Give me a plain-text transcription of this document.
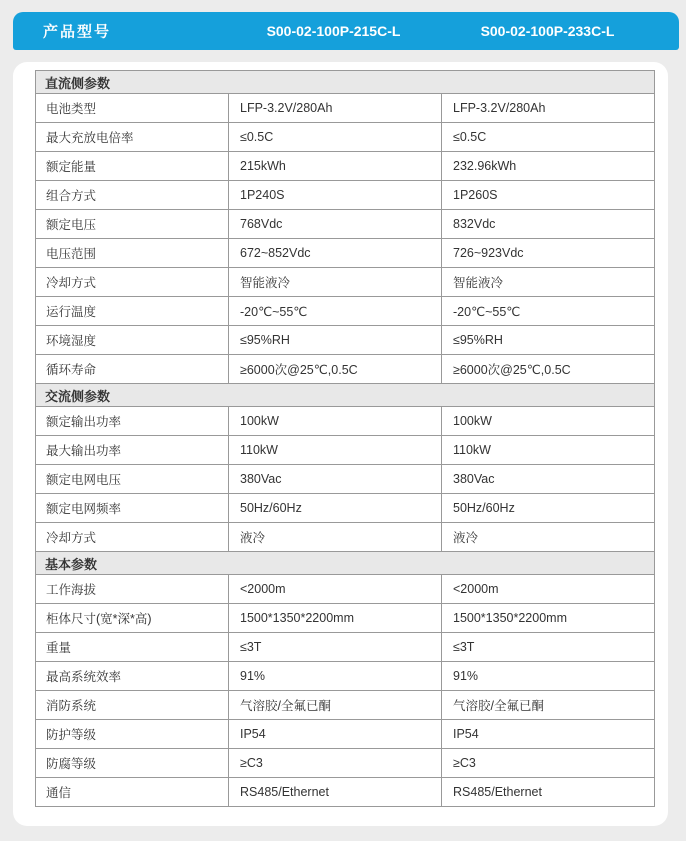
产品型号	S00-02-100P-215C-L	S00-02-100P-233C-L
直流侧参数
电池类型	LFP-3.2V/280Ah	LFP-3.2V/280Ah
最大充放电倍率	≤0.5C	≤0.5C
额定能量	215kWh	232.96kWh
组合方式	1P240S	1P260S
额定电压	768Vdc	832Vdc
电压范围	672~852Vdc	726~923Vdc
冷却方式	智能液冷	智能液冷
运行温度	-20℃~55℃	-20℃~55℃
环境湿度	≤95%RH	≤95%RH
循环寿命	≥6000次@25℃,0.5C	≥6000次@25℃,0.5C
交流侧参数
额定输出功率	100kW	100kW
最大输出功率	110kW	110kW
额定电网电压	380Vac	380Vac
额定电网频率	50Hz/60Hz	50Hz/60Hz
冷却方式	液冷	液冷
基本参数
工作海拔	<2000m	<2000m
柜体尺寸(宽*深*高)	1500*1350*2200mm	1500*1350*2200mm
重量	≤3T	≤3T
最高系统效率	91%	91%
消防系统	气溶胶/全氟已酮	气溶胶/全氟已酮
防护等级	IP54	IP54
防腐等级	≥C3	≥C3
通信	RS485/Ethernet	RS485/Ethernet
